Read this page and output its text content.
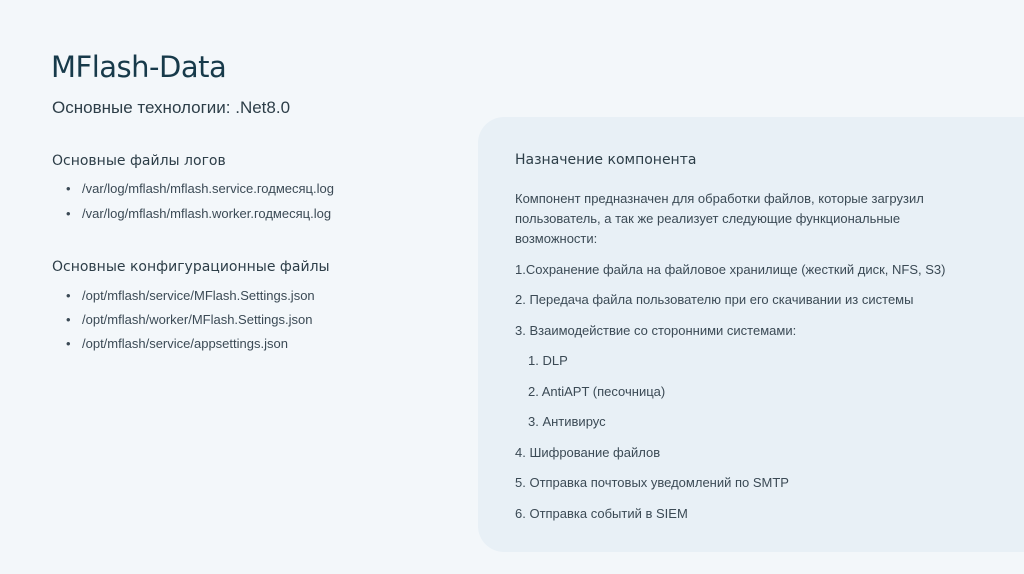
MFlash-Data
Основные технологии: .Net8.0
Основные файлы логов
• /var/log/mflash/mflash.service.годмесяц.log
• /var/log/mflash/mflash.worker.годмесяц.log
Основные конфигурационные файлы
• /opt/mflash/service/MFlash.Settings.json
• /opt/mflash/worker/MFlash.Settings.json
• /opt/mflash/service/appsettings.json
Назначение компонента
Компонент предназначен для обработки файлов, которые загрузил пользователь, а так же реализует следующие функциональные возможности:
1.Сохранение файла на файловое хранилище (жесткий диск, NFS, S3)
2. Передача файла пользователю при его скачивании из системы
3. Взаимодействие со сторонними системами:
1. DLP
2. AntiAPT (песочница)
3. Антивирус
4. Шифрование файлов
5. Отправка почтовых уведомлений по SMTP
6. Отправка событий в SIEM
